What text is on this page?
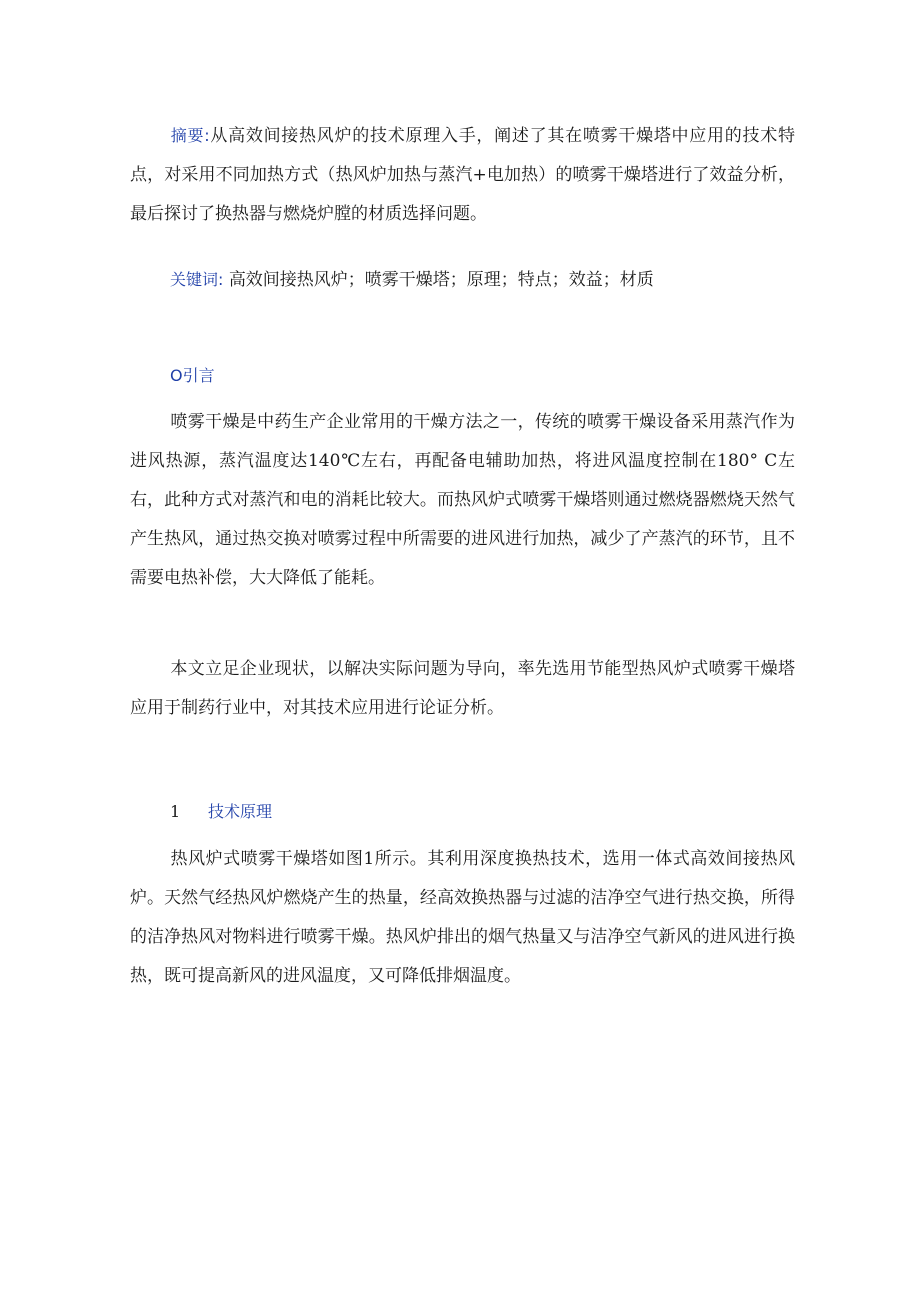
摘要:从高效间接热风炉的技术原理入手，阐述了其在喷雾干燥塔中应用的技术特点，对采用不同加热方式（热风炉加热与蒸汽+电加热）的喷雾干燥塔进行了效益分析，最后探讨了换热器与燃烧炉膛的材质选择问题。
关键词: 高效间接热风炉；喷雾干燥塔；原理；特点；效益；材质
O引言
喷雾干燥是中药生产企业常用的干燥方法之一，传统的喷雾干燥设备采用蒸汽作为进风热源，蒸汽温度达140℃左右，再配备电辅助加热，将进风温度控制在180° C左右，此种方式对蒸汽和电的消耗比较大。而热风炉式喷雾干燥塔则通过燃烧器燃烧天然气产生热风，通过热交换对喷雾过程中所需要的进风进行加热，减少了产蒸汽的环节，且不需要电热补偿，大大降低了能耗。
本文立足企业现状，以解决实际问题为导向，率先选用节能型热风炉式喷雾干燥塔应用于制药行业中，对其技术应用进行论证分析。
1 技术原理
热风炉式喷雾干燥塔如图1所示。其利用深度换热技术，选用一体式高效间接热风炉。天然气经热风炉燃烧产生的热量，经高效换热器与过滤的洁净空气进行热交换，所得的洁净热风对物料进行喷雾干燥。热风炉排出的烟气热量又与洁净空气新风的进风进行换热，既可提高新风的进风温度，又可降低排烟温度。
